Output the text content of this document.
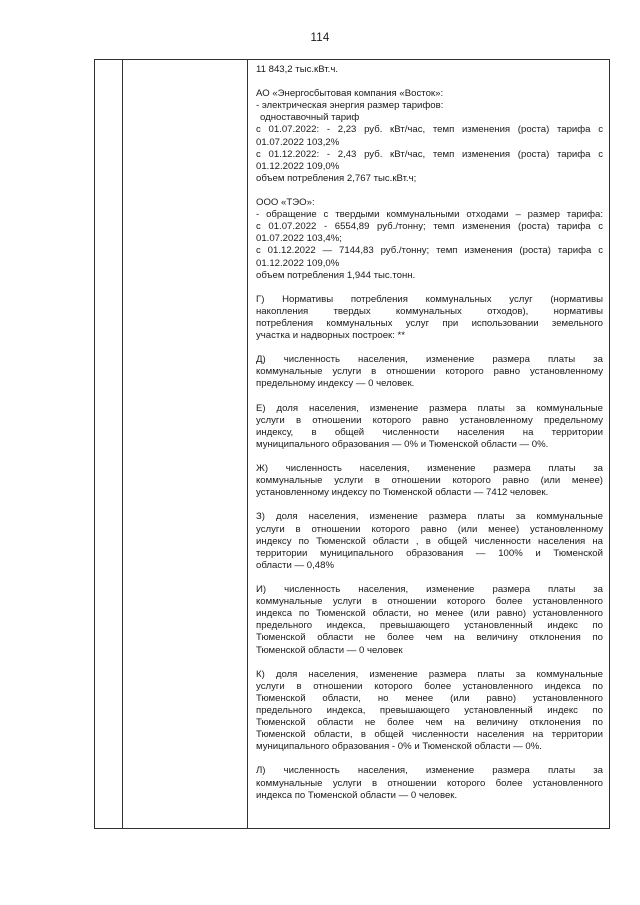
114

11 843,2 тыс.кВт.ч.

АО «Энергосбытовая компания «Восток»:

- электрическая энергия размер тарифов:

одноставочный тариф

с 01.07.2022: - 2,23 руб. кВт/час, темп изменения (роста) тарифа с

01.07.2022 103,2%

с 01.12.2022: - 2,43 руб. кВт/час, темп изменения (роста) тарифа с

01.12.2022 109,0%

объем потребления 2,767 тыс.кВт.ч;

ООО «ТЭО»:

- обращение с твердыми коммунальными отходами – размер тарифа:

с 01.07.2022 - 6554,89 руб./тонну; темп изменения (роста) тарифа с

01.07.2022 103,4%;

с 01.12.2022 — 7144,83 руб./тонну; темп изменения (роста) тарифа с

01.12.2022 109,0%

объем потребления 1,944 тыс.тонн.

Г) Нормативы потребления коммунальных услуг (нормативы

накопления твердых коммунальных отходов), нормативы

потребления коммунальных услуг при использовании земельного

участка и надворных построек: **

Д) численность населения, изменение размера платы за

коммунальные услуги в отношении которого равно установленному

предельному индексу — 0 человек.

Е) доля населения, изменение размера платы за коммунальные

услуги в отношении которого равно установленному предельному

индексу, в общей численности населения на территории

муниципального образования — 0% и Тюменской области — 0%.

Ж) численность населения, изменение размера платы за

коммунальные услуги в отношении которого равно (или менее)

установленному индексу по Тюменской области — 7412 человек.

З) доля населения, изменение размера платы за коммунальные

услуги в отношении которого равно (или менее) установленному

индексу по Тюменской области , в общей численности населения на

территории муниципального образования — 100% и Тюменской

области — 0,48%

И) численность населения, изменение размера платы за

коммунальные услуги в отношении которого более установленного

индекса по Тюменской области, но менее (или равно) установленного

предельного индекса, превышающего установленный индекс по

Тюменской области не более чем на величину отклонения по

Тюменской области — 0 человек

К) доля населения, изменение размера платы за коммунальные

услуги в отношении которого более установленного индекса по

Тюменской области, но менее (или равно) установленного

предельного индекса, превышающего установленный индекс по

Тюменской области не более чем на величину отклонения по

Тюменской области, в общей численности населения на территории

муниципального образования - 0% и Тюменской области — 0%.

Л) численность населения, изменение размера платы за

коммунальные услуги в отношении которого более установленного

индекса по Тюменской области — 0 человек.
